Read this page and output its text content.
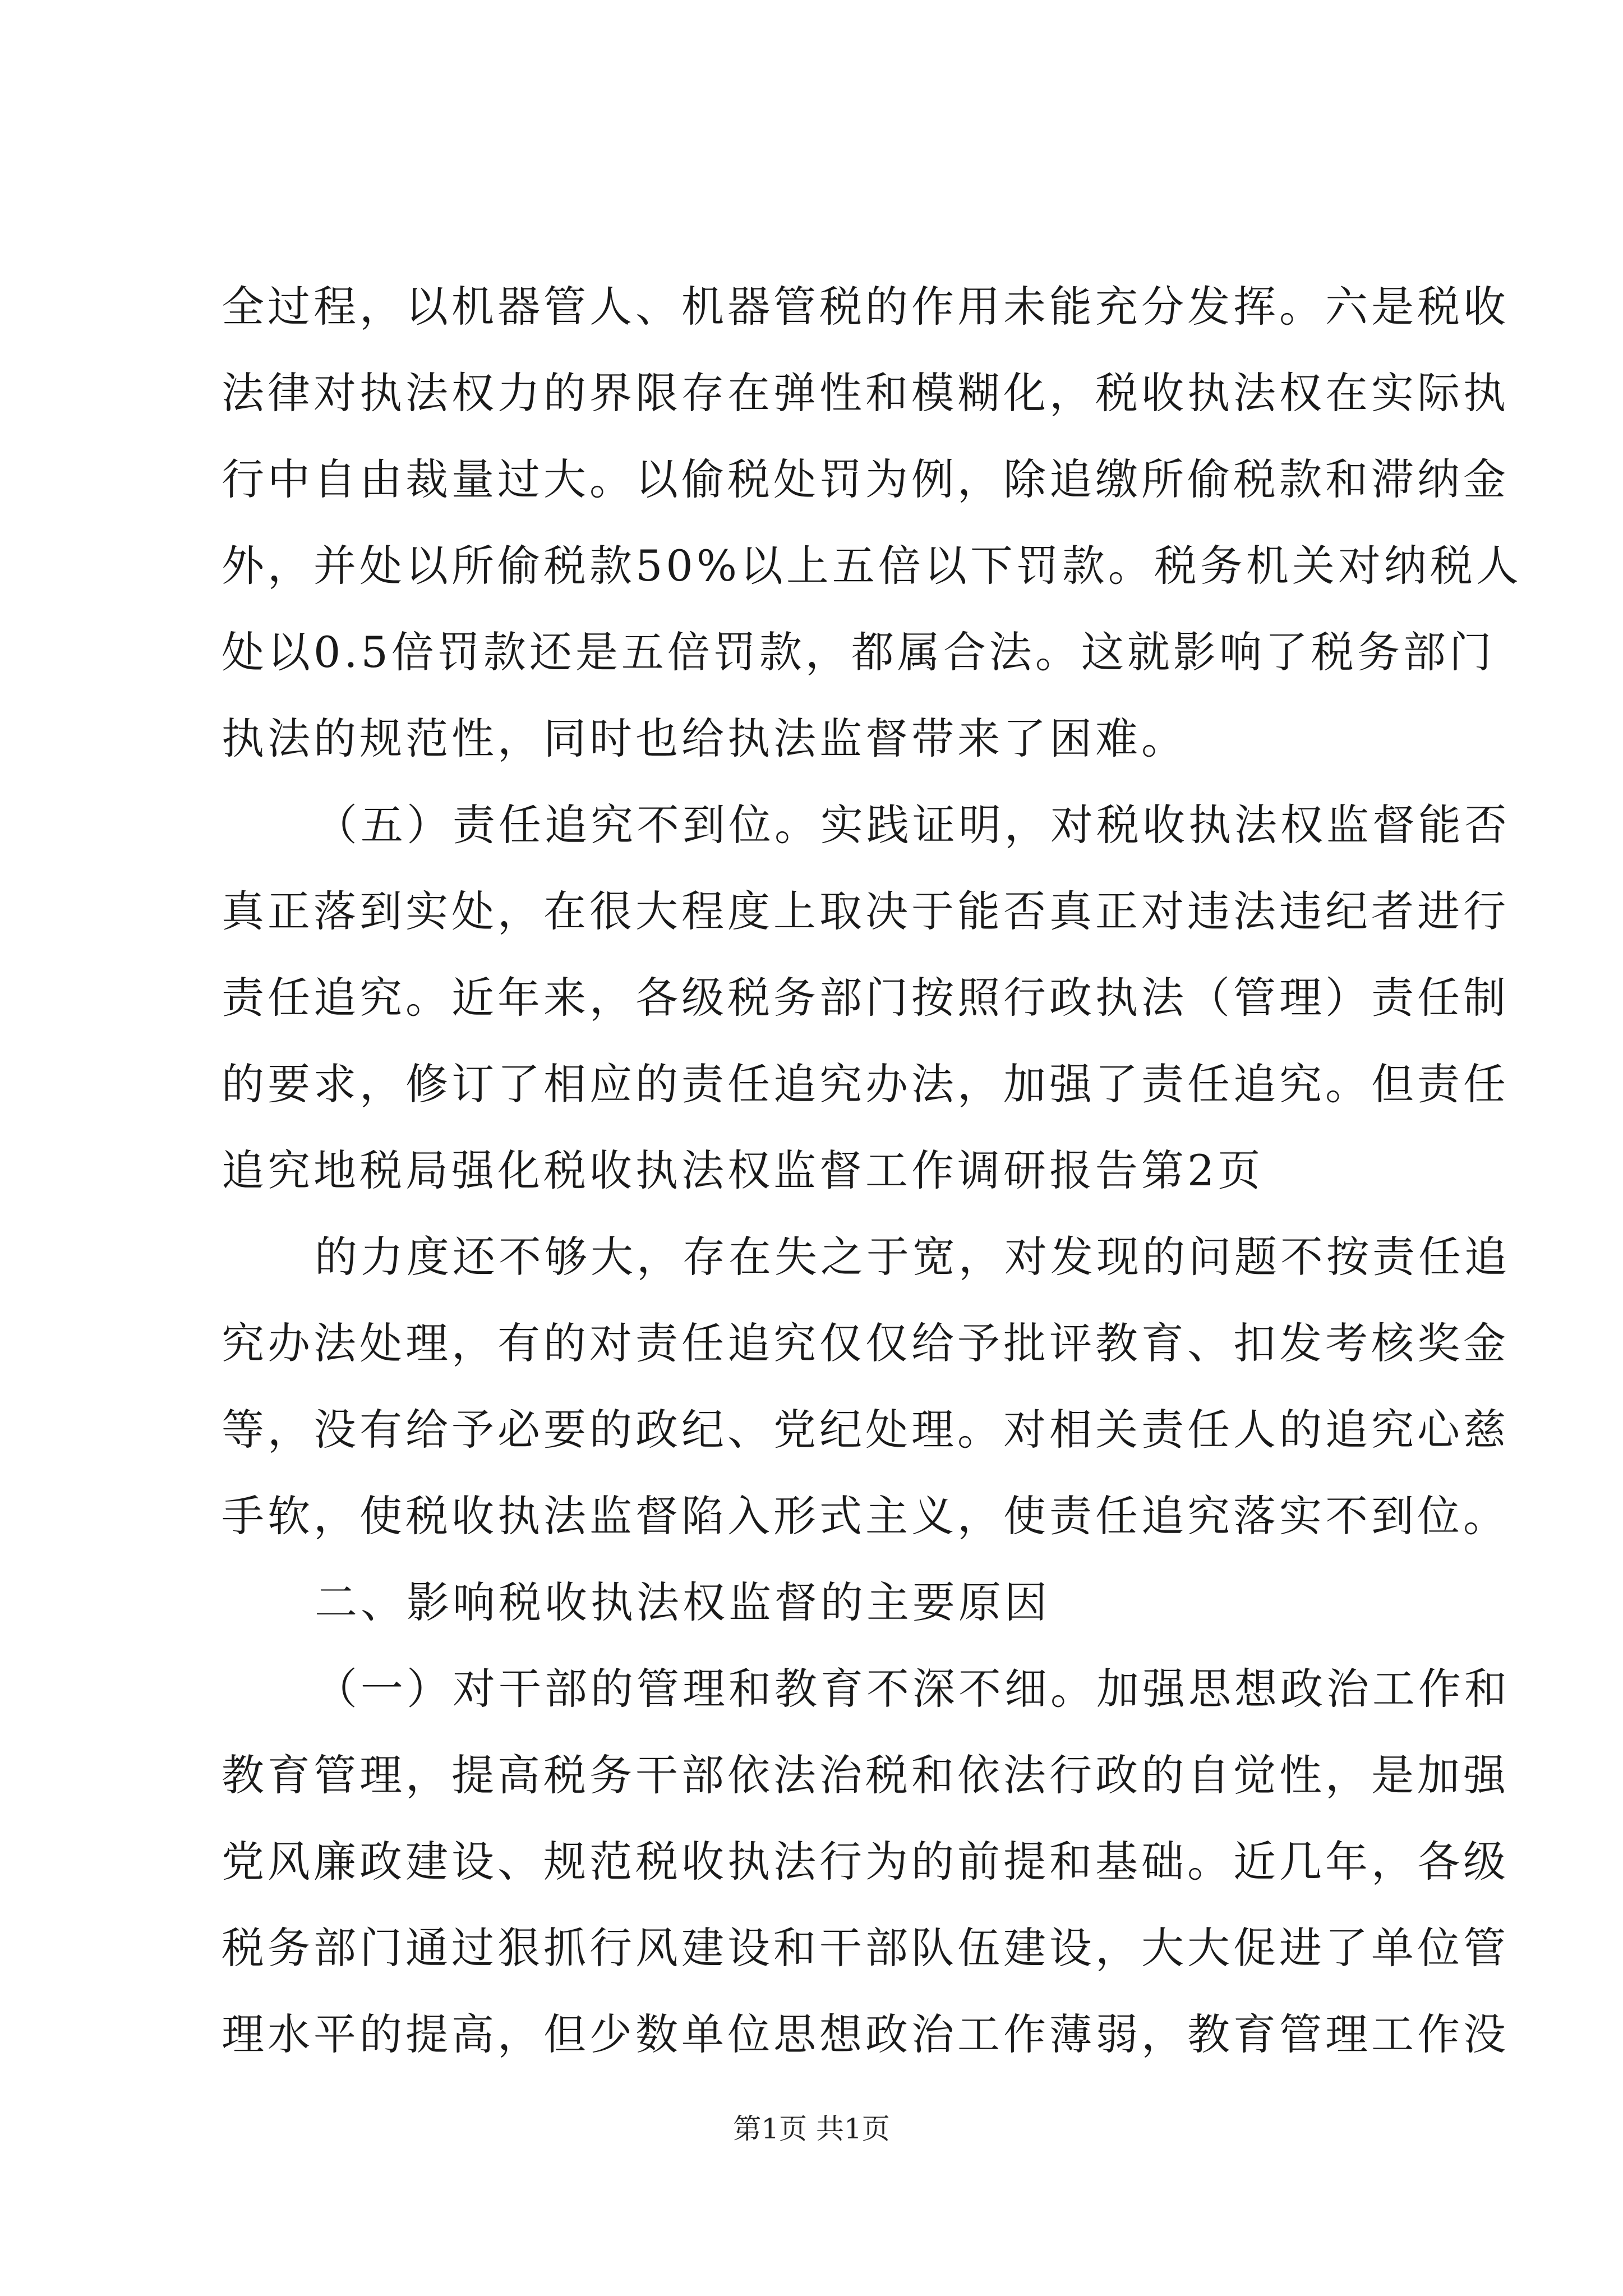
全过程，以机器管人、机器管税的作用未能充分发挥。六是税收
法律对执法权力的界限存在弹性和模糊化，税收执法权在实际执
行中自由裁量过大。以偷税处罚为例，除追缴所偷税款和滞纳金
外，并处以所偷税款50%以上五倍以下罚款。税务机关对纳税人
处以0.5倍罚款还是五倍罚款，都属合法。这就影响了税务部门
执法的规范性，同时也给执法监督带来了困难。
（五）责任追究不到位。实践证明，对税收执法权监督能否
真正落到实处，在很大程度上取决于能否真正对违法违纪者进行
责任追究。近年来，各级税务部门按照行政执法（管理）责任制
的要求，修订了相应的责任追究办法，加强了责任追究。但责任
追究地税局强化税收执法权监督工作调研报告第2页
的力度还不够大，存在失之于宽，对发现的问题不按责任追
究办法处理，有的对责任追究仅仅给予批评教育、扣发考核奖金
等，没有给予必要的政纪、党纪处理。对相关责任人的追究心慈
手软，使税收执法监督陷入形式主义，使责任追究落实不到位。
二、影响税收执法权监督的主要原因
（一）对干部的管理和教育不深不细。加强思想政治工作和
教育管理，提高税务干部依法治税和依法行政的自觉性，是加强
党风廉政建设、规范税收执法行为的前提和基础。近几年，各级
税务部门通过狠抓行风建设和干部队伍建设，大大促进了单位管
理水平的提高，但少数单位思想政治工作薄弱，教育管理工作没
第1页 共1页
